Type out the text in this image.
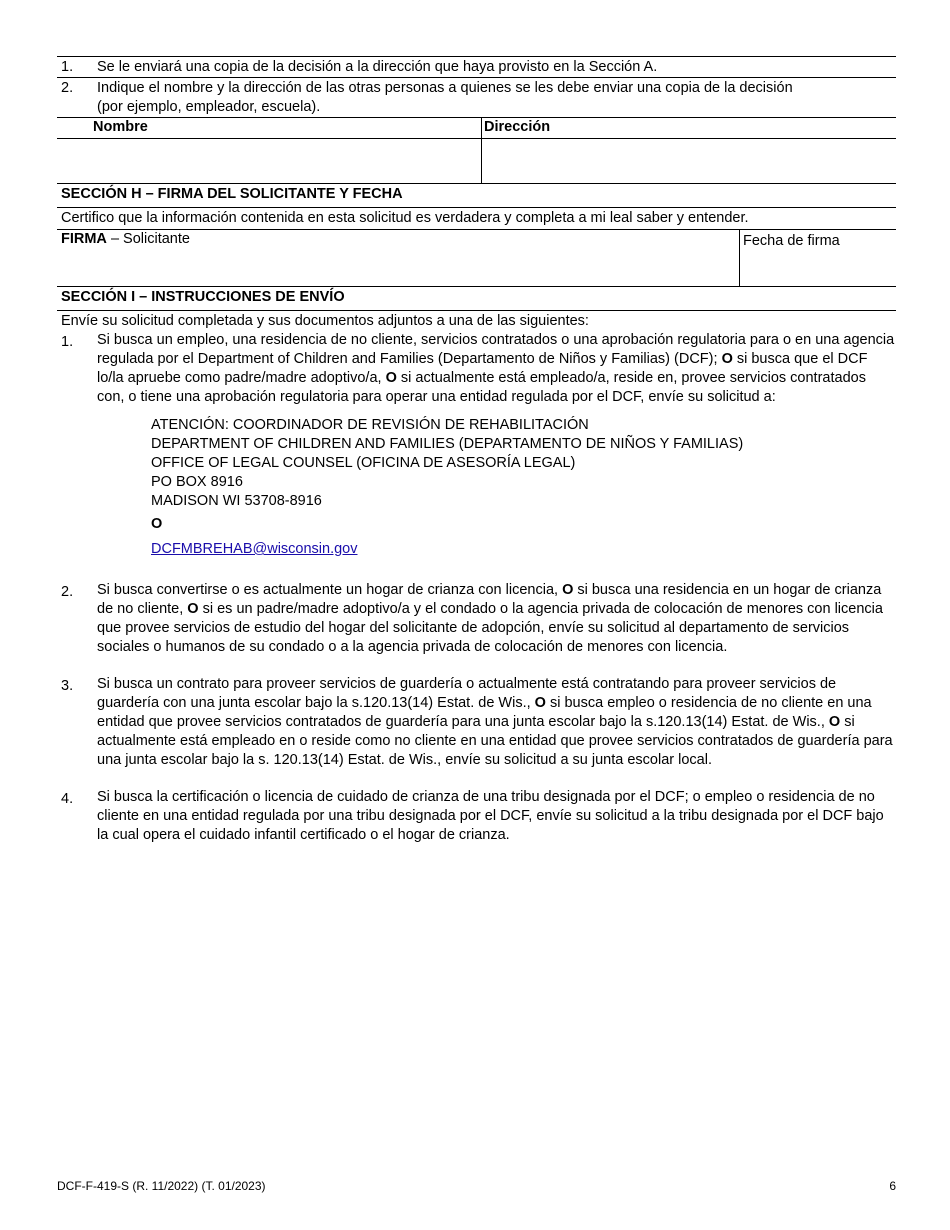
1.	Se le enviará una copia de la decisión a la dirección que haya provisto en la Sección A.
2.	Indique el nombre y la dirección de las otras personas a quienes se les debe enviar una copia de la decisión
(por ejemplo, empleador, escuela).
Nombre	Dirección
SECCIÓN H – FIRMA DEL SOLICITANTE Y FECHA
Certifico que la información contenida en esta solicitud es verdadera y completa a mi leal saber y entender.
FIRMA – Solicitante	Fecha de firma
SECCIÓN I – INSTRUCCIONES DE ENVÍO
Envíe su solicitud completada y sus documentos adjuntos a una de las siguientes:
1.	Si busca un empleo, una residencia de no cliente, servicios contratados o una aprobación regulatoria para o en una agencia regulada por el Department of Children and Families (Departamento de Niños y Familias) (DCF); O si busca que el DCF lo/la apruebe como padre/madre adoptivo/a, O si actualmente está empleado/a, reside en, provee servicios contratados con, o tiene una aprobación regulatoria para operar una entidad regulada por el DCF, envíe su solicitud a:
ATENCIÓN: COORDINADOR DE REVISIÓN DE REHABILITACIÓN
DEPARTMENT OF CHILDREN AND FAMILIES (DEPARTAMENTO DE NIÑOS Y FAMILIAS)
OFFICE OF LEGAL COUNSEL (OFICINA DE ASESORÍA LEGAL)
PO BOX 8916
MADISON WI 53708-8916
O
DCFMBREHAB@wisconsin.gov
2.	Si busca convertirse o es actualmente un hogar de crianza con licencia, O si busca una residencia en un hogar de crianza de no cliente, O si es un padre/madre adoptivo/a y el condado o la agencia privada de colocación de menores con licencia que provee servicios de estudio del hogar del solicitante de adopción, envíe su solicitud al departamento de servicios sociales o humanos de su condado o a la agencia privada de colocación de menores con licencia.
3.	Si busca un contrato para proveer servicios de guardería o actualmente está contratando para proveer servicios de guardería con una junta escolar bajo la s.120.13(14) Estat. de Wis., O si busca empleo o residencia de no cliente en una entidad que provee servicios contratados de guardería para una junta escolar bajo la s.120.13(14) Estat. de Wis., O si actualmente está empleado en o reside como no cliente en una entidad que provee servicios contratados de guardería para una junta escolar bajo la s. 120.13(14) Estat. de Wis., envíe su solicitud a su junta escolar local.
4.	Si busca la certificación o licencia de cuidado de crianza de una tribu designada por el DCF; o empleo o residencia de no cliente en una entidad regulada por una tribu designada por el DCF, envíe su solicitud a la tribu designada por el DCF bajo la cual opera el cuidado infantil certificado o el hogar de crianza.
DCF-F-419-S (R. 11/2022) (T. 01/2023)	6
